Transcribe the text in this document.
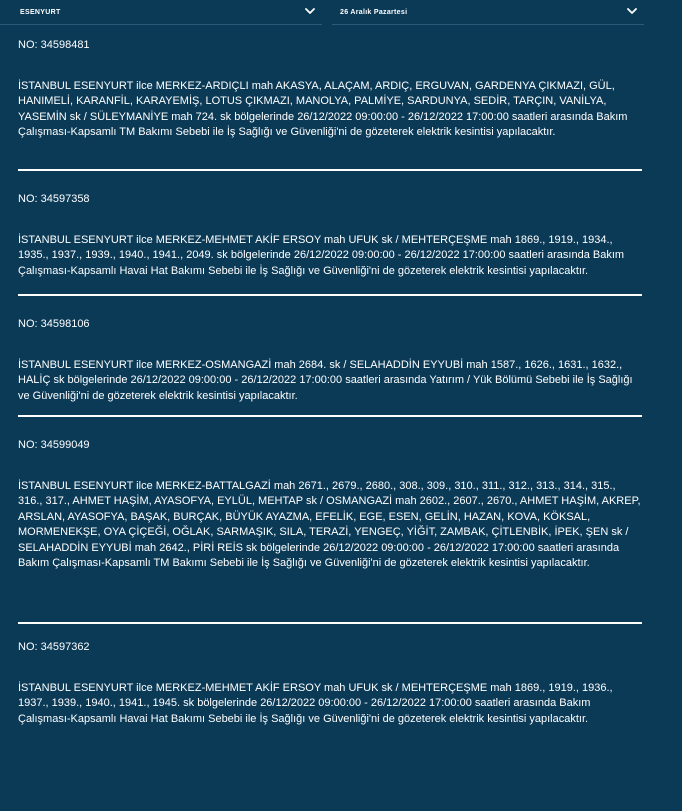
ESENYURT	26 Aralık Pazartesi

NO: 34598481

İSTANBUL ESENYURT ilce MERKEZ-ARDIÇLI mah AKASYA, ALAÇAM, ARDIÇ, ERGUVAN, GARDENYA ÇIKMAZI, GÜL, HANIMELİ, KARANFİL, KARAYEMİŞ, LOTUS ÇIKMAZI, MANOLYA, PALMİYE, SARDUNYA, SEDİR, TARÇIN, VANİLYA, YASEMİN sk / SÜLEYMANİYE mah 724. sk bölgelerinde 26/12/2022 09:00:00 - 26/12/2022 17:00:00 saatleri arasında Bakım Çalışması-Kapsamlı TM Bakımı Sebebi ile İş Sağlığı ve Güvenliği'ni de gözeterek elektrik kesintisi yapılacaktır.

NO: 34597358

İSTANBUL ESENYURT ilce MERKEZ-MEHMET AKİF ERSOY mah UFUK sk / MEHTERÇEŞME mah 1869., 1919., 1934., 1935., 1937., 1939., 1940., 1941., 2049. sk bölgelerinde 26/12/2022 09:00:00 - 26/12/2022 17:00:00 saatleri arasında Bakım Çalışması-Kapsamlı Havai Hat Bakımı Sebebi ile İş Sağlığı ve Güvenliği'ni de gözeterek elektrik kesintisi yapılacaktır.

NO: 34598106

İSTANBUL ESENYURT ilce MERKEZ-OSMANGAZİ mah 2684. sk / SELAHADDİN EYYUBİ mah 1587., 1626., 1631., 1632., HALİÇ sk bölgelerinde 26/12/2022 09:00:00 - 26/12/2022 17:00:00 saatleri arasında Yatırım / Yük Bölümü Sebebi ile İş Sağlığı ve Güvenliği'ni de gözeterek elektrik kesintisi yapılacaktır.

NO: 34599049

İSTANBUL ESENYURT ilce MERKEZ-BATTALGAZİ mah 2671., 2679., 2680., 308., 309., 310., 311., 312., 313., 314., 315., 316., 317., AHMET HAŞİM, AYASOFYA, EYLÜL, MEHTAP sk / OSMANGAZİ mah 2602., 2607., 2670., AHMET HAŞİM, AKREP, ARSLAN, AYASOFYA, BAŞAK, BURÇAK, BÜYÜK AYAZMA, EFELİK, EGE, ESEN, GELİN, HAZAN, KOVA, KÖKSAL, MORMENEKŞE, OYA ÇİÇEĞİ, OĞLAK, SARMAŞIK, SILA, TERAZİ, YENGEÇ, YİĞİT, ZAMBAK, ÇİTLENBİK, İPEK, ŞEN sk / SELAHADDİN EYYUBİ mah 2642., PİRİ REİS sk bölgelerinde 26/12/2022 09:00:00 - 26/12/2022 17:00:00 saatleri arasında Bakım Çalışması-Kapsamlı TM Bakımı Sebebi ile İş Sağlığı ve Güvenliği'ni de gözeterek elektrik kesintisi yapılacaktır.

NO: 34597362

İSTANBUL ESENYURT ilce MERKEZ-MEHMET AKİF ERSOY mah UFUK sk / MEHTERÇEŞME mah 1869., 1919., 1936., 1937., 1939., 1940., 1941., 1945. sk bölgelerinde 26/12/2022 09:00:00 - 26/12/2022 17:00:00 saatleri arasında Bakım Çalışması-Kapsamlı Havai Hat Bakımı Sebebi ile İş Sağlığı ve Güvenliği'ni de gözeterek elektrik kesintisi yapılacaktır.
